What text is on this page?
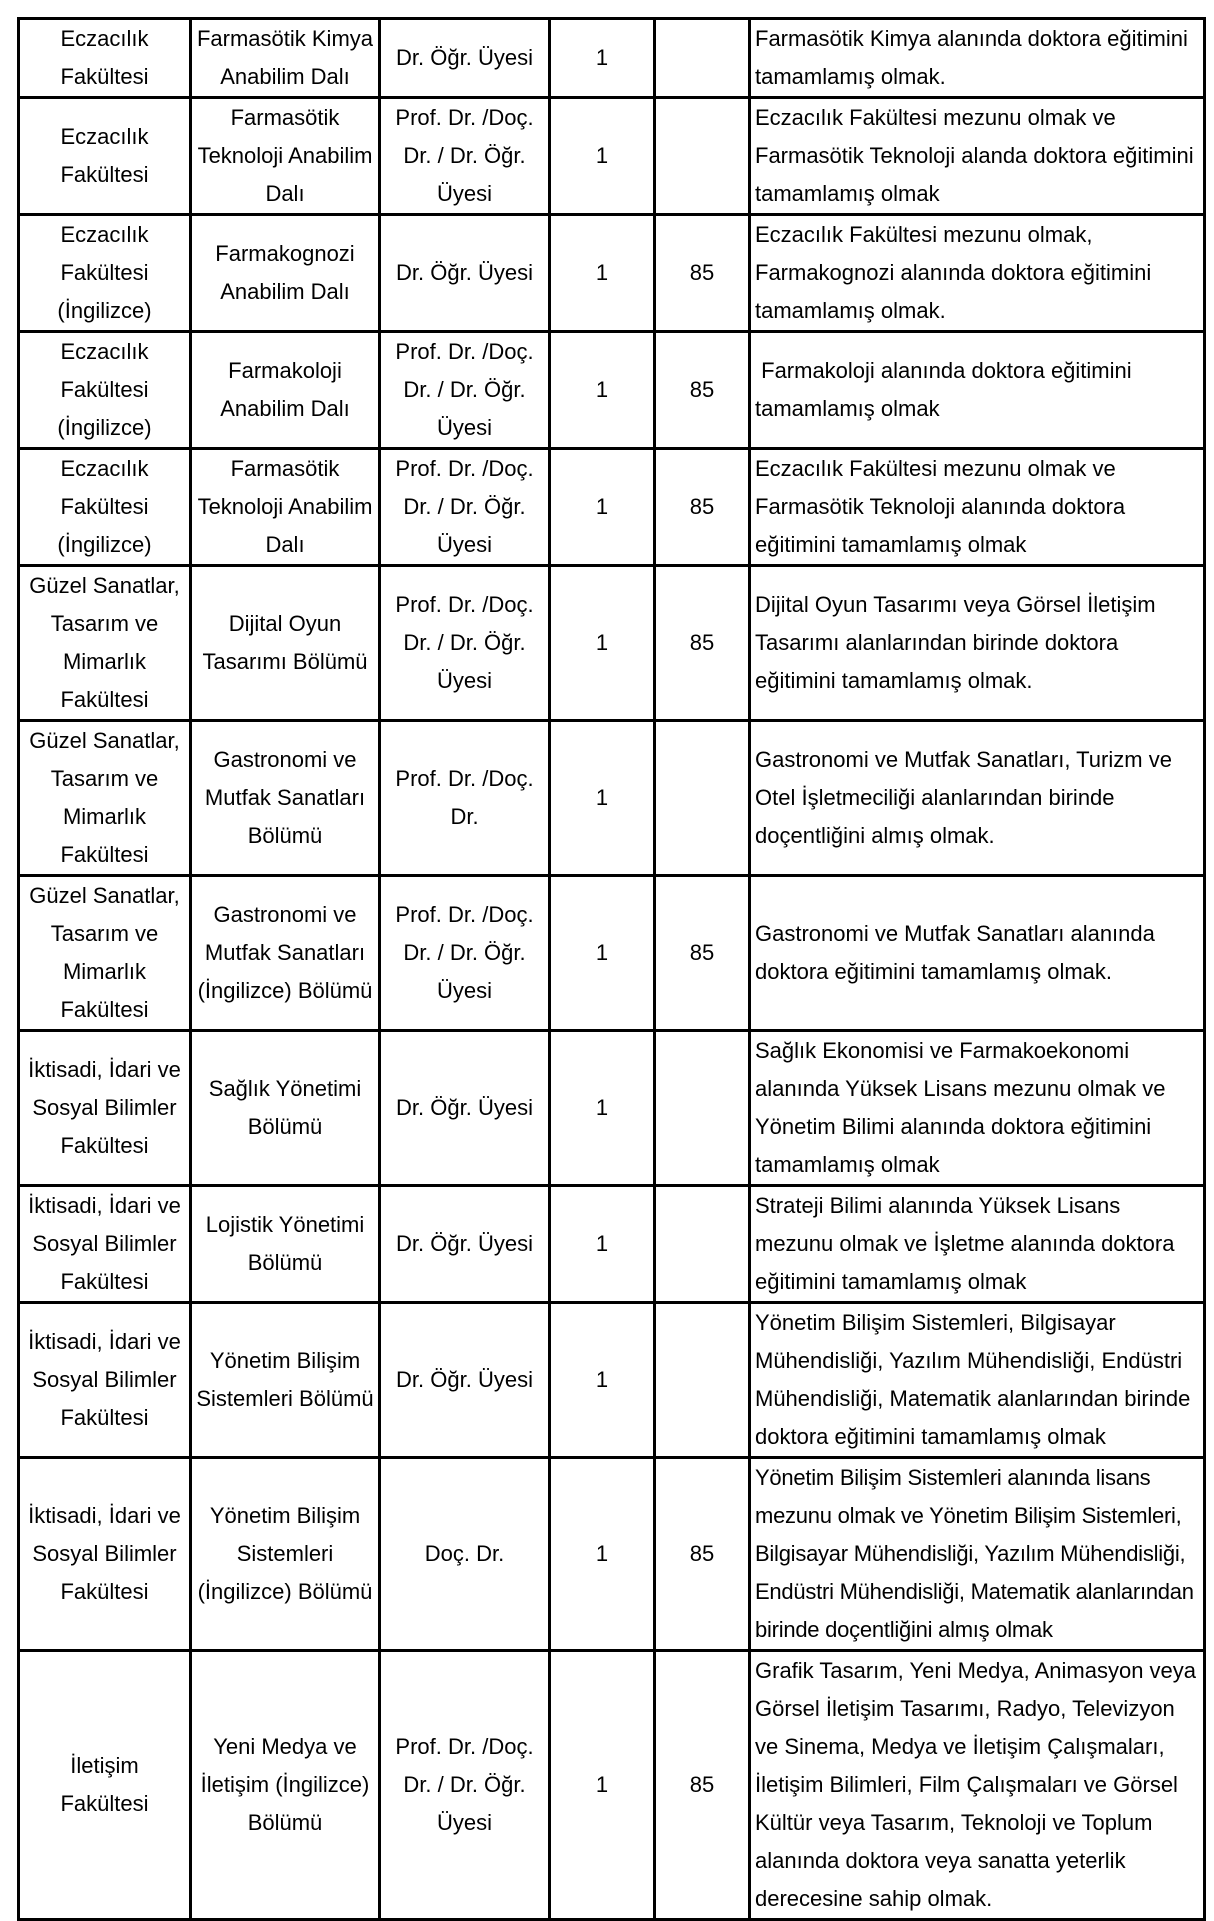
Eczacılık Fakültesi	Farmasötik Kimya Anabilim Dalı	Dr. Öğr. Üyesi	1		Farmasötik Kimya alanında doktora eğitimini tamamlamış olmak.
Eczacılık Fakültesi	Farmasötik Teknoloji Anabilim Dalı	Prof. Dr. /Doç. Dr. / Dr. Öğr. Üyesi	1		Eczacılık Fakültesi mezunu olmak ve Farmasötik Teknoloji alanda doktora eğitimini tamamlamış olmak
Eczacılık Fakültesi (İngilizce)	Farmakognozi Anabilim Dalı	Dr. Öğr. Üyesi	1	85	Eczacılık Fakültesi mezunu olmak, Farmakognozi alanında doktora eğitimini tamamlamış olmak.
Eczacılık Fakültesi (İngilizce)	Farmakoloji Anabilim Dalı	Prof. Dr. /Doç. Dr. / Dr. Öğr. Üyesi	1	85	Farmakoloji alanında doktora eğitimini tamamlamış olmak
Eczacılık Fakültesi (İngilizce)	Farmasötik Teknoloji Anabilim Dalı	Prof. Dr. /Doç. Dr. / Dr. Öğr. Üyesi	1	85	Eczacılık Fakültesi mezunu olmak ve Farmasötik Teknoloji alanında doktora eğitimini tamamlamış olmak
Güzel Sanatlar, Tasarım ve Mimarlık Fakültesi	Dijital Oyun Tasarımı Bölümü	Prof. Dr. /Doç. Dr. / Dr. Öğr. Üyesi	1	85	Dijital Oyun Tasarımı veya Görsel İletişim Tasarımı alanlarından birinde doktora eğitimini tamamlamış olmak.
Güzel Sanatlar, Tasarım ve Mimarlık Fakültesi	Gastronomi ve Mutfak Sanatları Bölümü	Prof. Dr. /Doç. Dr.	1		Gastronomi ve Mutfak Sanatları, Turizm ve Otel İşletmeciliği alanlarından birinde doçentliğini almış olmak.
Güzel Sanatlar, Tasarım ve Mimarlık Fakültesi	Gastronomi ve Mutfak Sanatları (İngilizce) Bölümü	Prof. Dr. /Doç. Dr. / Dr. Öğr. Üyesi	1	85	Gastronomi ve Mutfak Sanatları alanında doktora eğitimini tamamlamış olmak.
İktisadi, İdari ve Sosyal Bilimler Fakültesi	Sağlık Yönetimi Bölümü	Dr. Öğr. Üyesi	1		Sağlık Ekonomisi ve Farmakoekonomi alanında Yüksek Lisans mezunu olmak ve Yönetim Bilimi alanında doktora eğitimini tamamlamış olmak
İktisadi, İdari ve Sosyal Bilimler Fakültesi	Lojistik Yönetimi Bölümü	Dr. Öğr. Üyesi	1		Strateji Bilimi alanında Yüksek Lisans mezunu olmak ve İşletme alanında doktora eğitimini tamamlamış olmak
İktisadi, İdari ve Sosyal Bilimler Fakültesi	Yönetim Bilişim Sistemleri Bölümü	Dr. Öğr. Üyesi	1		Yönetim Bilişim Sistemleri, Bilgisayar Mühendisliği, Yazılım Mühendisliği, Endüstri Mühendisliği, Matematik alanlarından birinde doktora eğitimini tamamlamış olmak
İktisadi, İdari ve Sosyal Bilimler Fakültesi	Yönetim Bilişim Sistemleri (İngilizce) Bölümü	Doç. Dr.	1	85	Yönetim Bilişim Sistemleri alanında lisans mezunu olmak ve Yönetim Bilişim Sistemleri, Bilgisayar Mühendisliği, Yazılım Mühendisliği, Endüstri Mühendisliği, Matematik alanlarından birinde doçentliğini almış olmak
İletişim Fakültesi	Yeni Medya ve İletişim (İngilizce) Bölümü	Prof. Dr. /Doç. Dr. / Dr. Öğr. Üyesi	1	85	Grafik Tasarım, Yeni Medya, Animasyon veya Görsel İletişim Tasarımı, Radyo, Televizyon ve Sinema, Medya ve İletişim Çalışmaları, İletişim Bilimleri, Film Çalışmaları ve Görsel Kültür veya Tasarım, Teknoloji ve Toplum alanında doktora veya sanatta yeterlik derecesine sahip olmak.
